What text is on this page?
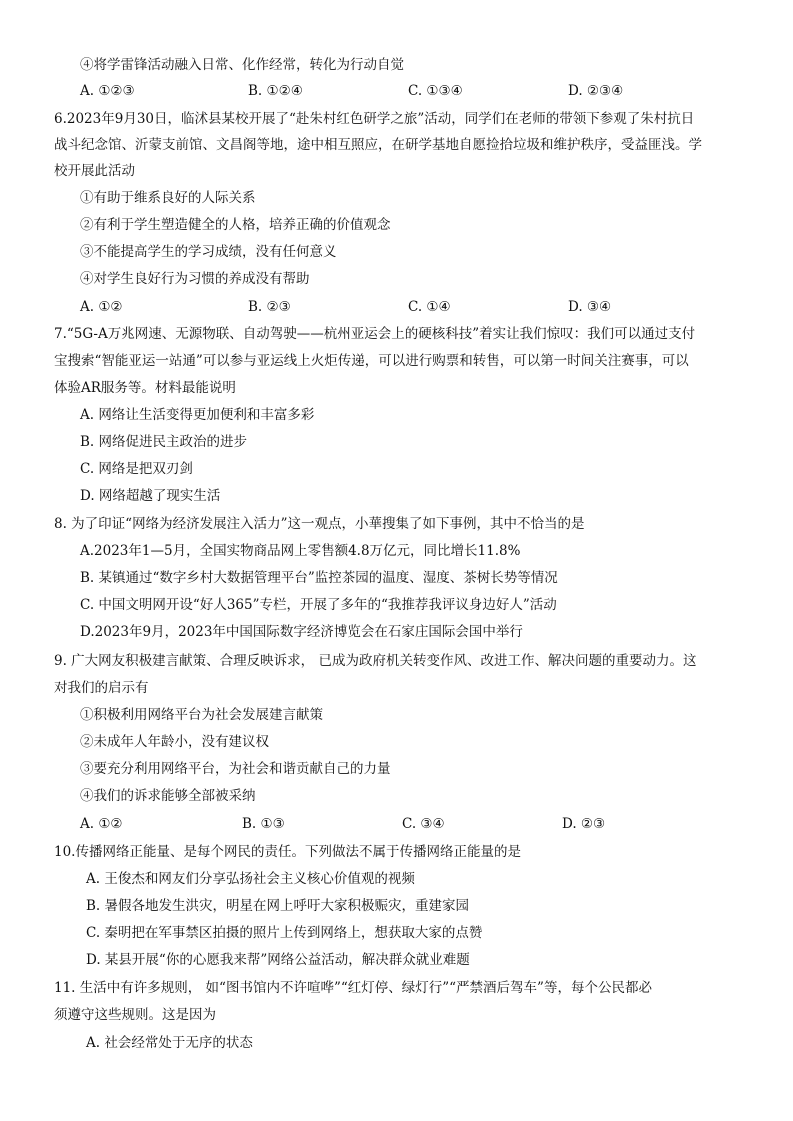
④将学雷锋活动融入日常、化作经常，转化为行动自觉
A. ①②③	B. ①②④	C. ①③④	D. ②③④
6.2023年9月30日，临沭县某校开展了“赴朱村红色研学之旅”活动，同学们在老师的带领下参观了朱村抗日
战斗纪念馆、沂蒙支前馆、文昌阁等地，途中相互照应，在研学基地自愿捡拾垃圾和维护秩序，受益匪浅。学
校开展此活动
①有助于维系良好的人际关系
②有利于学生塑造健全的人格，培养正确的价值观念
③不能提高学生的学习成绩，没有任何意义
④对学生良好行为习惯的养成没有帮助
A. ①②	B. ②③	C. ①④	D. ③④
7.“5G-A万兆网速、无源物联、自动驾驶——杭州亚运会上的硬核科技”着实让我们惊叹：我们可以通过支付
宝搜索“智能亚运一站通”可以参与亚运线上火炬传递，可以进行购票和转售，可以第一时间关注赛事，可以
体验AR服务等。材料最能说明
A. 网络让生活变得更加便利和丰富多彩
B. 网络促进民主政治的进步
C. 网络是把双刃剑
D. 网络超越了现实生活
8. 为了印证“网络为经济发展注入活力”这一观点，小華搜集了如下事例，其中不恰当的是
A.2023年1—5月，全国实物商品网上零售额4.8万亿元，同比增长11.8%
B. 某镇通过“数字乡村大数据管理平台”监控茶园的温度、湿度、茶树长势等情况
C. 中国文明网开设“好人365”专栏，开展了多年的“我推荐我评议身边好人”活动
D.2023年9月，2023年中国国际数字经济博览会在石家庄国际会国中举行
9. 广大网友积极建言献策、合理反映诉求， 已成为政府机关转变作风、改进工作、解决问题的重要动力。这
对我们的启示有
①积极利用网络平台为社会发展建言献策
②未成年人年龄小，没有建议权
③要充分利用网络平台，为社会和谐贡献自己的力量
④我们的诉求能够全部被采纳
A. ①②	B. ①③	C. ③④	D. ②③
10.传播网络正能量、是每个网民的责任。下列做法不属于传播网络正能量的是
A. 王俊杰和网友们分享弘扬社会主义核心价值观的视频
B. 暑假各地发生洪灾，明星在网上呼吁大家积极赈灾，重建家园
C. 秦明把在军事禁区拍摄的照片上传到网络上，想获取大家的点赞
D. 某县开展“你的心愿我来帮”网络公益活动，解决群众就业难题
11. 生活中有许多规则， 如“图书馆内不许喧哗”“红灯停、绿灯行”“严禁酒后驾车”等，每个公民都必
须遵守这些规则。这是因为
A. 社会经常处于无序的状态
